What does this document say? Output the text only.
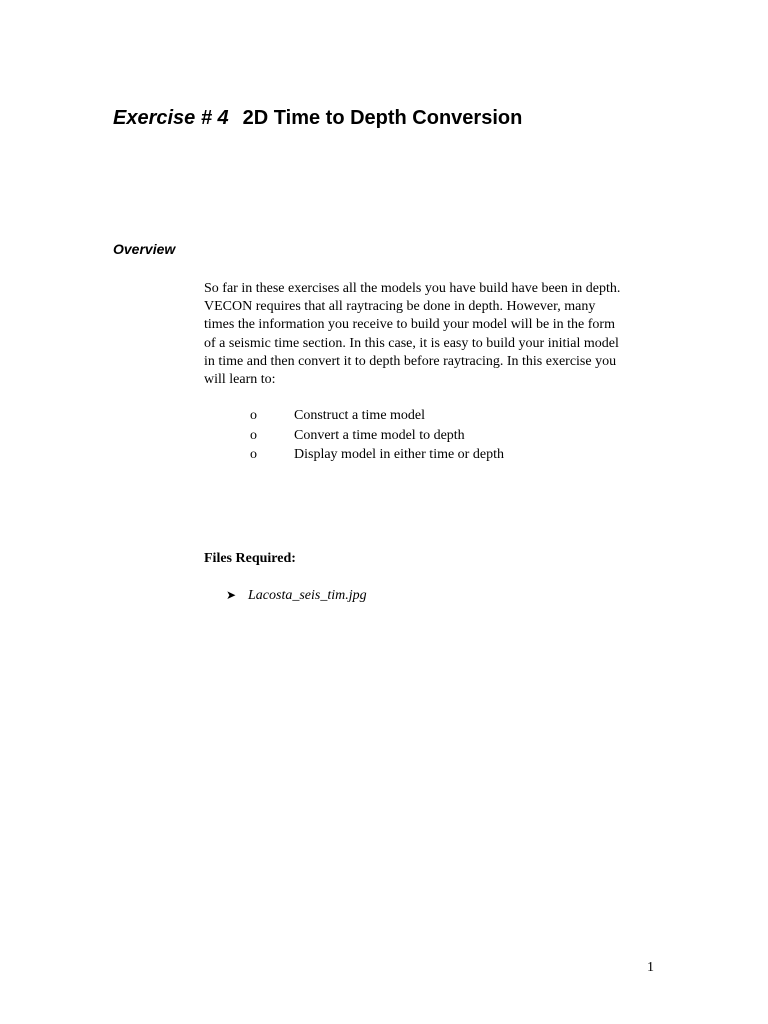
Exercise # 4 2D Time to Depth Conversion
Overview
So far in these exercises all the models you have build have been in depth.
VECON requires that all raytracing be done in depth. However, many
times the information you receive to build your model will be in the form
of a seismic time section. In this case, it is easy to build your initial model
in time and then convert it to depth before raytracing. In this exercise you
will learn to:
o	Construct a time model
o	Convert a time model to depth
o	Display model in either time or depth
Files Required:
➤ Lacosta_seis_tim.jpg
1
